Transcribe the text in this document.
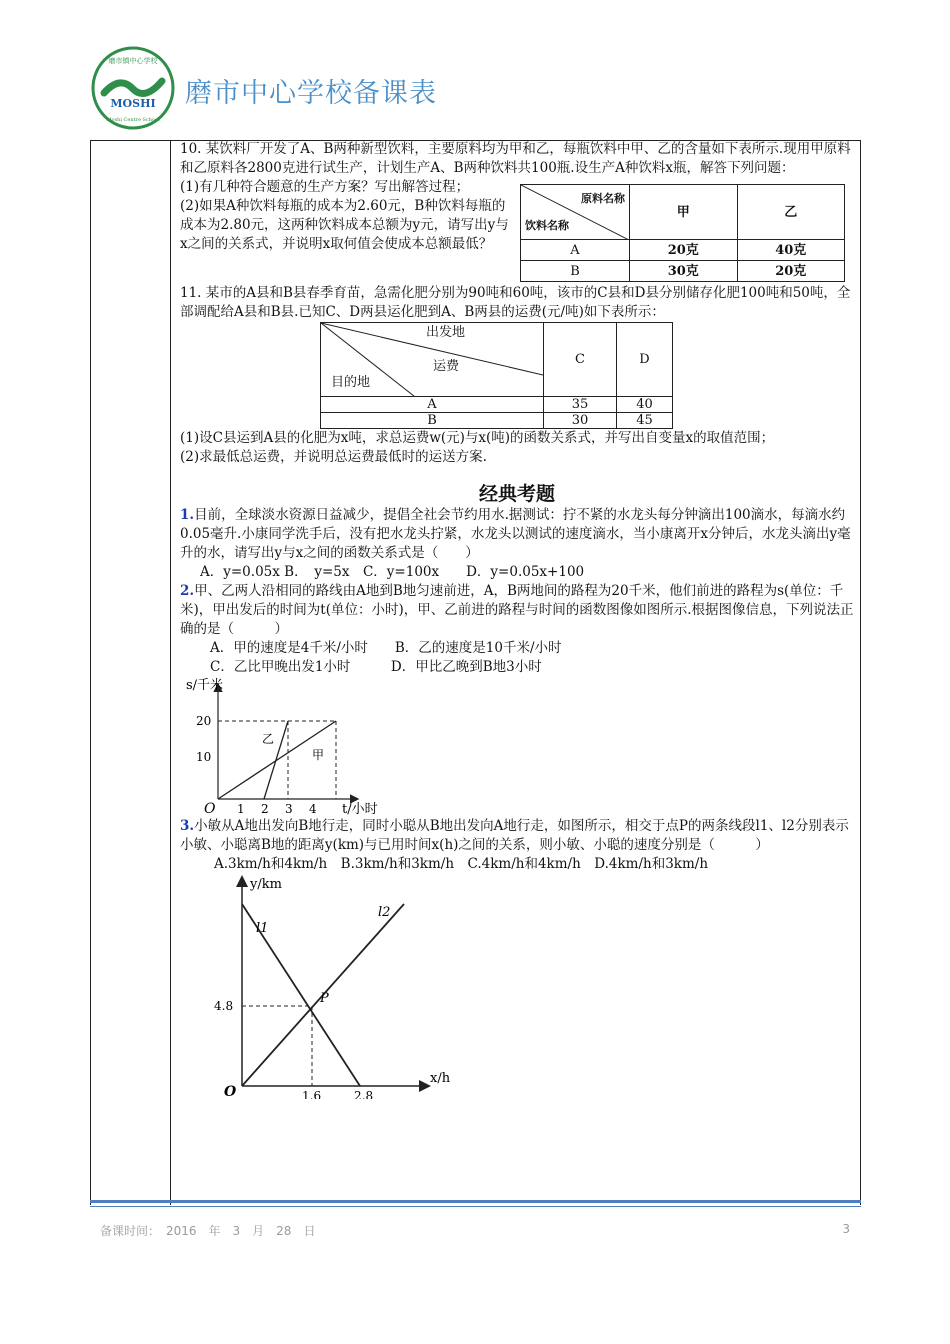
MOSHI
磨市镇中心学校
Moshi Centre School
磨市中心学校备课表

10. 某饮料厂开发了A、B两种新型饮料，主要原料均为甲和乙，每瓶饮料中甲、乙的含量如下表所示.现用甲原料和乙原料各2800克进行试生产，计划生产A、B两种饮料共100瓶.设生产A种饮料x瓶，解答下列问题：

(1)有几种符合题意的生产方案？写出解答过程；

(2)如果A种饮料每瓶的成本为2.60元，B种饮料每瓶的成本为2.80元，这两种饮料成本总额为y元，请写出y与x之间的关系式，并说明x取何值会使成本总额最低？

原料名称
饮料名称	甲	乙
A	20克	40克
B	30克	20克

11. 某市的A县和B县春季育苗，急需化肥分别为90吨和60吨，该市的C县和D县分别储存化肥100吨和50吨，全部调配给A县和B县.已知C、D两县运化肥到A、B两县的运费(元/吨)如下表所示：

出发地
运费
目的地	C	D
A	35	40
B	30	45

(1)设C县运到A县的化肥为x吨，求总运费w(元)与x(吨)的函数关系式，并写出自变量x的取值范围；

(2)求最低总运费，并说明总运费最低时的运送方案.

经典考题

1.目前，全球淡水资源日益减少，提倡全社会节约用水.据测试：拧不紧的水龙头每分钟滴出100滴水，每滴水约0.05毫升.小康同学洗手后，没有把水龙头拧紧，水龙头以测试的速度滴水，当小康离开x分钟后，水龙头滴出y毫升的水，请写出y与x之间的函数关系式是（　　）

A．y=0.05x B．　y=5x　C．y=100x　　D．y=0.05x+100

2.甲、乙两人沿相同的路线由A地到B地匀速前进，A，B两地间的路程为20千米，他们前进的路程为s(单位：千米)，甲出发后的时间为t(单位：小时)，甲、乙前进的路程与时间的函数图像如图所示.根据图像信息，下列说法正确的是（　　　）

A．甲的速度是4千米/小时　　B．乙的速度是10千米/小时

C．乙比甲晚出发1小时　　　D．甲比乙晚到B地3小时

s/千米
t/小时
O
20
10
1 2 3 4
乙
甲

3.小敏从A地出发向B地行走，同时小聪从B地出发向A地行走，如图所示，相交于点P的两条线段l1、l2分别表示小敏、小聪离B地的距离y(km)与已用时间x(h)之间的关系，则小敏、小聪的速度分别是（　　　）

A.3km/h和4km/h　B.3km/h和3km/h　C.4km/h和4km/h　D.4km/h和3km/h

y/km
x/h
O
4.8
1.6	2.8
l1
l2
P
备课时间：　2016　年　3　月　28　日	3
